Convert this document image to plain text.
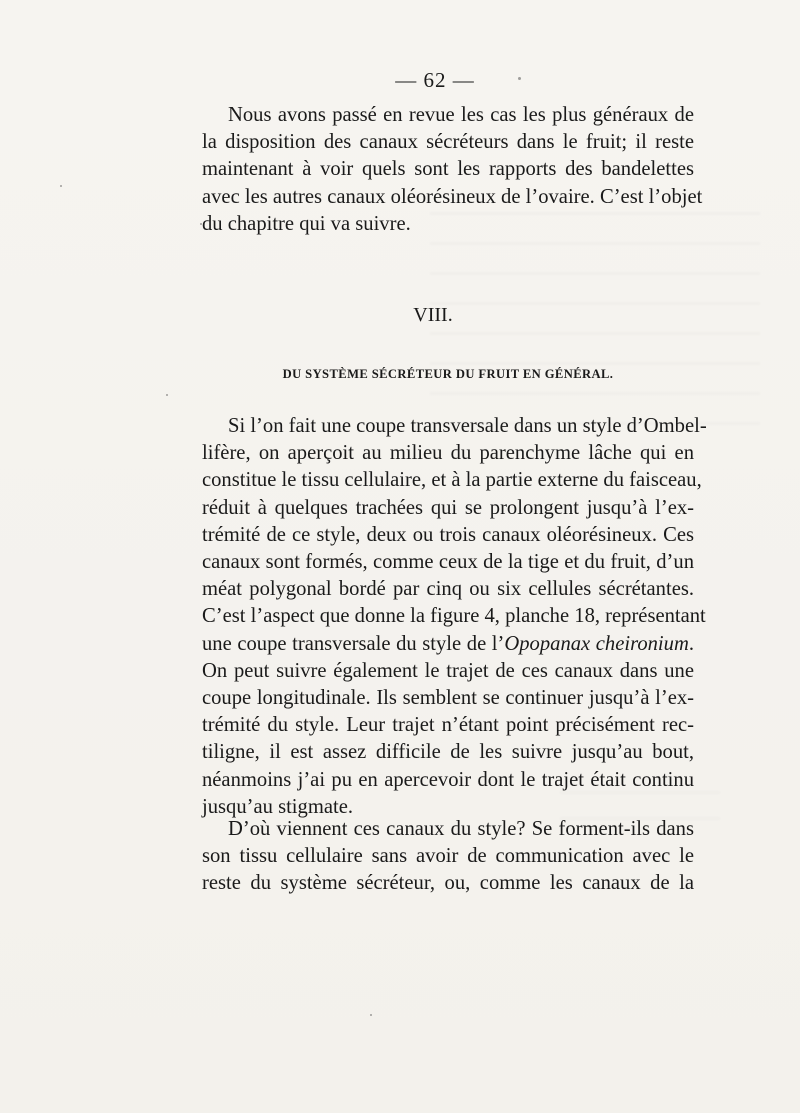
— 62 —
Nous avons passé en revue les cas les plus généraux de
la disposition des canaux sécréteurs dans le fruit; il reste
maintenant à voir quels sont les rapports des bandelettes
avec les autres canaux oléorésineux de l’ovaire. C’est l’objet
du chapitre qui va suivre.
VIII.
DU SYSTÈME SÉCRÉTEUR DU FRUIT EN GÉNÉRAL.
Si l’on fait une coupe transversale dans un style d’Ombel-
lifère, on aperçoit au milieu du parenchyme lâche qui en
constitue le tissu cellulaire, et à la partie externe du faisceau,
réduit à quelques trachées qui se prolongent jusqu’à l’ex-
trémité de ce style, deux ou trois canaux oléorésineux. Ces
canaux sont formés, comme ceux de la tige et du fruit, d’un
méat polygonal bordé par cinq ou six cellules sécrétantes.
C’est l’aspect que donne la figure 4, planche 18, représentant
une coupe transversale du style de l’Opopanax cheironium.
On peut suivre également le trajet de ces canaux dans une
coupe longitudinale. Ils semblent se continuer jusqu’à l’ex-
trémité du style. Leur trajet n’étant point précisément rec-
tiligne, il est assez difficile de les suivre jusqu’au bout,
néanmoins j’ai pu en apercevoir dont le trajet était continu
jusqu’au stigmate.
D’où viennent ces canaux du style? Se forment-ils dans
son tissu cellulaire sans avoir de communication avec le
reste du système sécréteur, ou, comme les canaux de la
